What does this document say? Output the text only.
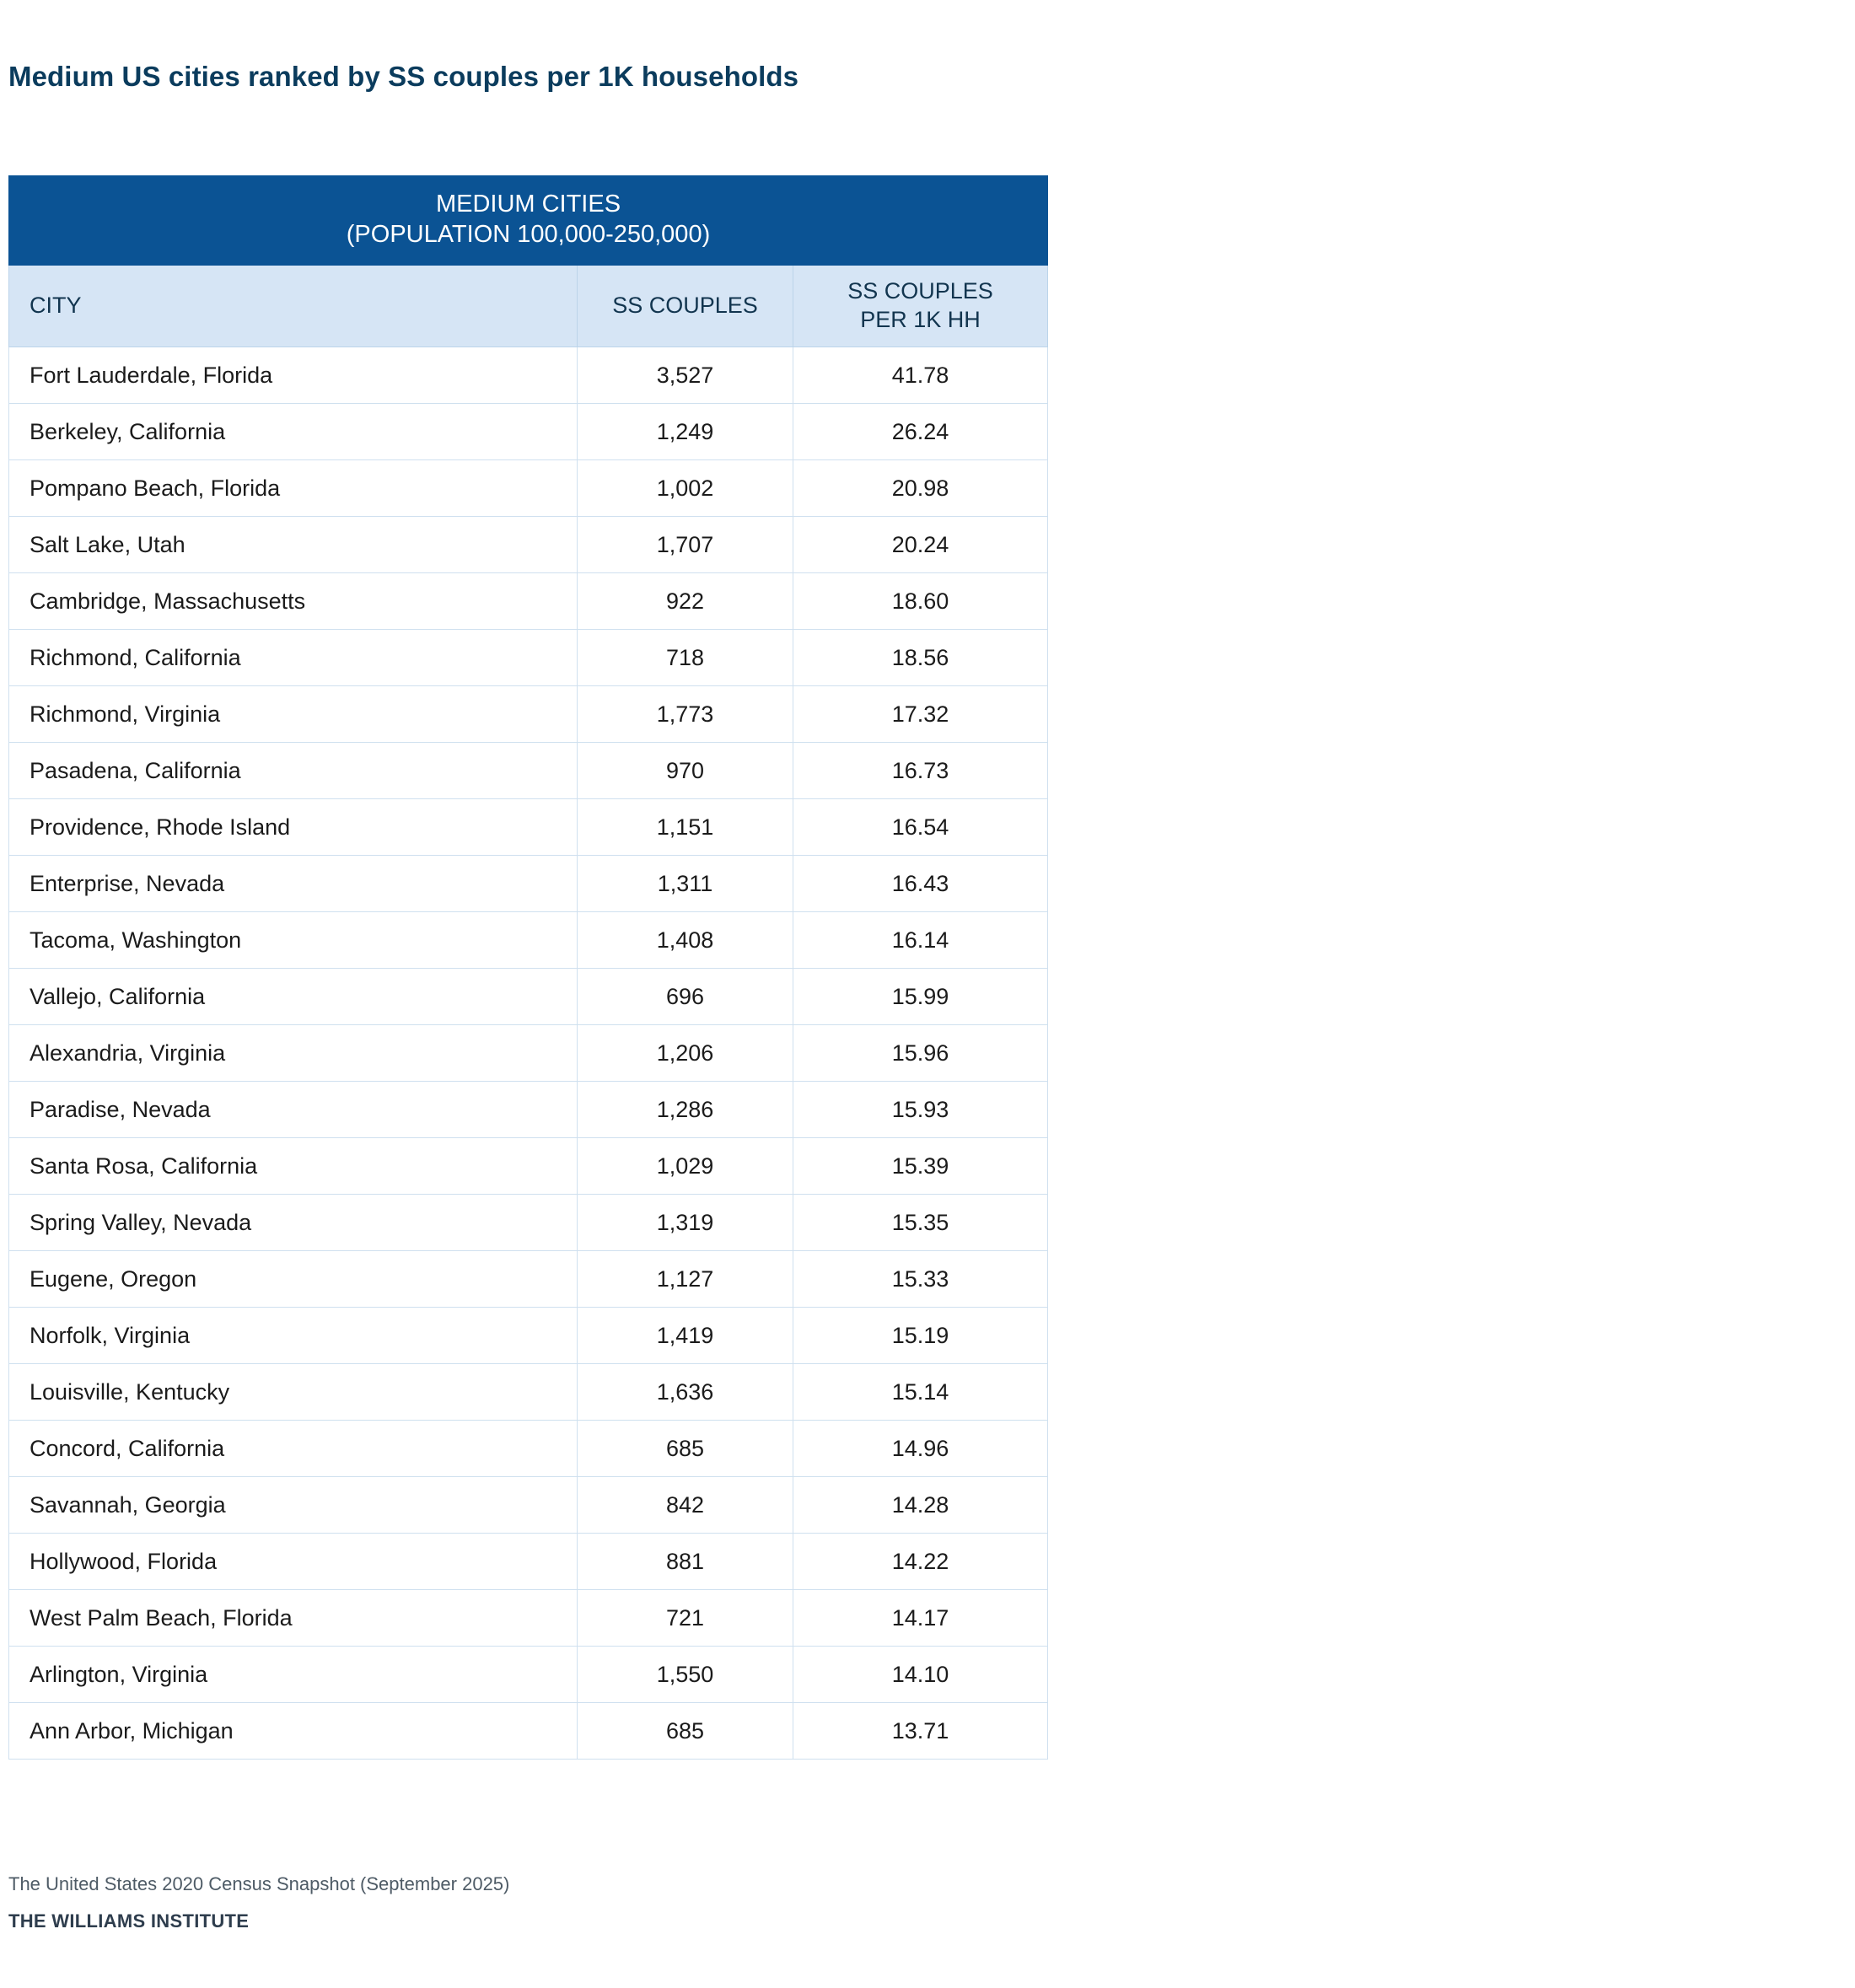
Medium US cities ranked by SS couples per 1K households
MEDIUM CITIES
(POPULATION 100,000-250,000)		

CITY	SS COUPLES	SS COUPLES
PER 1K HH
Fort Lauderdale, Florida	3,527	41.78
Berkeley, California	1,249	26.24
Pompano Beach, Florida	1,002	20.98
Salt Lake, Utah	1,707	20.24
Cambridge, Massachusetts	922	18.60
Richmond, California	718	18.56
Richmond, Virginia	1,773	17.32
Pasadena, California	970	16.73
Providence, Rhode Island	1,151	16.54
Enterprise, Nevada	1,311	16.43
Tacoma, Washington	1,408	16.14
Vallejo, California	696	15.99
Alexandria, Virginia	1,206	15.96
Paradise, Nevada	1,286	15.93
Santa Rosa, California	1,029	15.39
Spring Valley, Nevada	1,319	15.35
Eugene, Oregon	1,127	15.33
Norfolk, Virginia	1,419	15.19
Louisville, Kentucky	1,636	15.14
Concord, California	685	14.96
Savannah, Georgia	842	14.28
Hollywood, Florida	881	14.22
West Palm Beach, Florida	721	14.17
Arlington, Virginia	1,550	14.10
Ann Arbor, Michigan	685	13.71
The United States 2020 Census Snapshot (September 2025)
THE WILLIAMS INSTITUTE
